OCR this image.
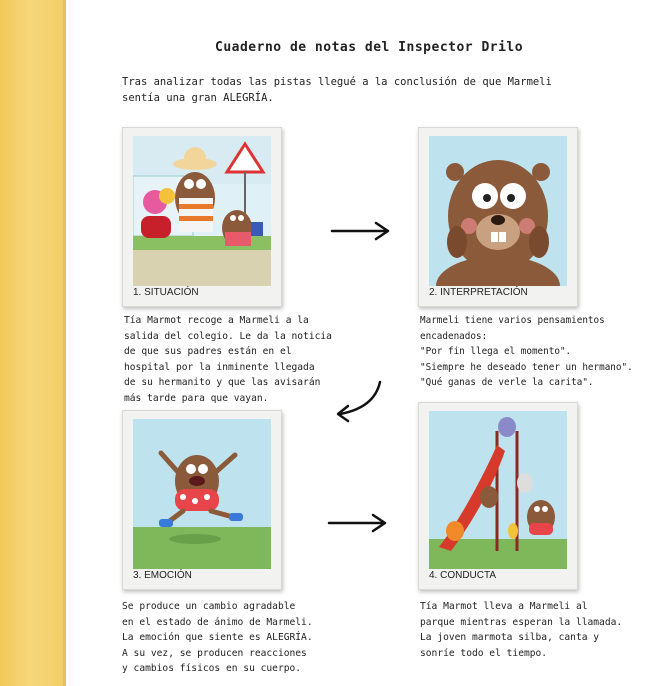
Cuaderno de notas del Inspector Drilo
Tras analizar todas las pistas llegué a la conclusión de que Marmeli
sentía una gran ALEGRÍA.
1. SITUACIÓN	2. INTERPRETACIÓN
3. EMOCIÓN	4. CONDUCTA
Tía Marmot recoge a Marmeli a la
salida del colegio. Le da la noticia
de que sus padres están en el
hospital por la inminente llegada
de su hermanito y que las avisarán
más tarde para que vayan.
Marmeli tiene varios pensamientos
encadenados:
"Por fin llega el momento".
"Siempre he deseado tener un hermano".
"Qué ganas de verle la carita".
Se produce un cambio agradable
en el estado de ánimo de Marmeli.
La emoción que siente es ALEGRÍA.
A su vez, se producen reacciones
y cambios físicos en su cuerpo.
Tía Marmot lleva a Marmeli al
parque mientras esperan la llamada.
La joven marmota silba, canta y
sonríe todo el tiempo.
